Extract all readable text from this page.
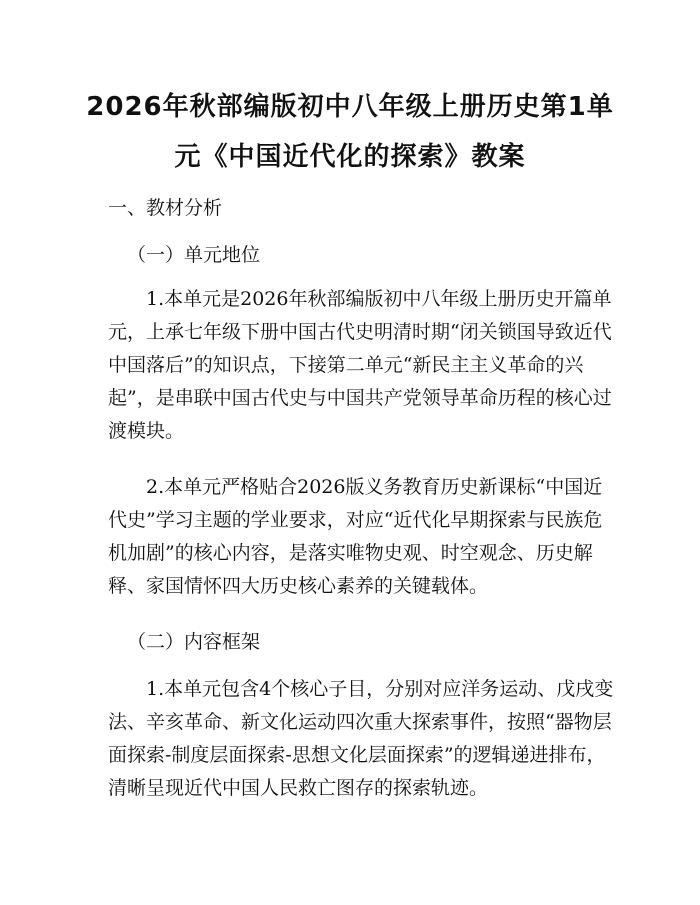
2026年秋部编版初中八年级上册历史第1单
元《中国近代化的探索》教案
一、教材分析
（一）单元地位
　　1.本单元是2026年秋部编版初中八年级上册历史开篇单
元，上承七年级下册中国古代史明清时期“闭关锁国导致近代
中国落后”的知识点，下接第二单元“新民主主义革命的兴
起”，是串联中国古代史与中国共产党领导革命历程的核心过
渡模块。
　　2.本单元严格贴合2026版义务教育历史新课标“中国近
代史”学习主题的学业要求，对应“近代化早期探索与民族危
机加剧”的核心内容，是落实唯物史观、时空观念、历史解
释、家国情怀四大历史核心素养的关键载体。
（二）内容框架
　　1.本单元包含4个核心子目，分别对应洋务运动、戊戌变
法、辛亥革命、新文化运动四次重大探索事件，按照“器物层
面探索-制度层面探索-思想文化层面探索”的逻辑递进排布，
清晰呈现近代中国人民救亡图存的探索轨迹。
